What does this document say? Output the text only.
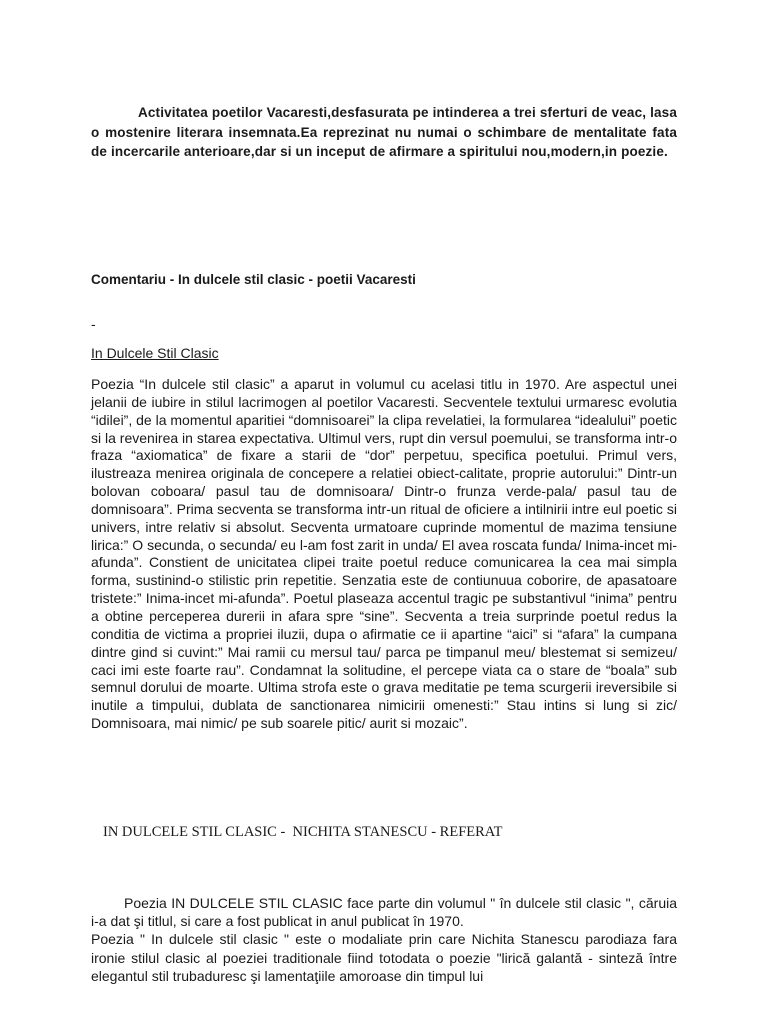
Activitatea poetilor Vacaresti,desfasurata pe intinderea a trei sferturi de veac, lasa o mostenire literara insemnata.Ea reprezinat nu numai o schimbare de mentalitate fata de incercarile anterioare,dar si un inceput de afirmare a spiritului nou,modern,in poezie.

Comentariu - In dulcele stil clasic - poetii Vacaresti

-

In Dulcele Stil Clasic

Poezia “In dulcele stil clasic” a aparut in volumul cu acelasi titlu in 1970. Are aspectul unei jelanii de iubire in stilul lacrimogen al poetilor Vacaresti. Secventele textului urmaresc evolutia “idilei”, de la momentul aparitiei “domnisoarei” la clipa revelatiei, la formularea “idealului” poetic si la revenirea in starea expectativa. Ultimul vers, rupt din versul poemului, se transforma intr-o fraza “axiomatica” de fixare a starii de “dor” perpetuu, specifica poetului. Primul vers, ilustreaza menirea originala de concepere a relatiei obiect-calitate, proprie autorului:” Dintr-un bolovan coboara/ pasul tau de domnisoara/ Dintr-o frunza verde-pala/ pasul tau de domnisoara”. Prima secventa se transforma intr-un ritual de oficiere a intilnirii intre eul poetic si univers, intre relativ si absolut. Secventa urmatoare cuprinde momentul de mazima tensiune lirica:” O secunda, o secunda/ eu l-am fost zarit in unda/ El avea roscata funda/ Inima-incet mi-afunda”. Constient de unicitatea clipei traite poetul reduce comunicarea la cea mai simpla forma, sustinind-o stilistic prin repetitie. Senzatia este de contiunuua coborire, de apasatoare tristete:” Inima-incet mi-afunda”. Poetul plaseaza accentul tragic pe substantivul “inima” pentru a obtine perceperea durerii in afara spre “sine”. Secventa a treia surprinde poetul redus la conditia de victima a propriei iluzii, dupa o afirmatie ce ii apartine “aici” si “afara” la cumpana dintre gind si cuvint:” Mai ramii cu mersul tau/ parca pe timpanul meu/ blestemat si semizeu/ caci imi este foarte rau”. Condamnat la solitudine, el percepe viata ca o stare de “boala” sub semnul dorului de moarte. Ultima strofa este o grava meditatie pe tema scurgerii ireversibile si inutile a timpului, dublata de sanctionarea nimicirii omenesti:” Stau intins si lung si zic/ Domnisoara, mai nimic/ pe sub soarele pitic/ aurit si mozaic”.

IN DULCELE STIL CLASIC -  NICHITA STANESCU - REFERAT

Poezia IN DULCELE STIL CLASIC face parte din volumul " în dulcele stil clasic ", căruia i-a dat şi titlul, si care a fost publicat in anul publicat în 1970.

Poezia " In dulcele stil clasic " este o modaliate prin care Nichita Stanescu parodiaza fara ironie stilul clasic al poeziei traditionale fiind totodata o poezie "lirică galantă - sinteză între elegantul stil trubaduresc şi lamentaţiile amoroase din timpul lui
